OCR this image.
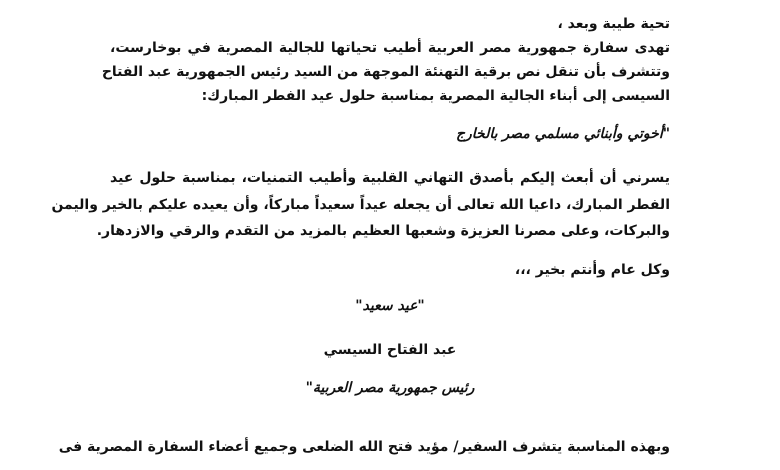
تحية طيبة وبعد ،
تهدى سفارة جمهورية مصر العربية أطيب تحياتها للجالية المصرية في بوخارست،
وتتشرف بأن تنقل نص برقية التهنئة الموجهة من السيد رئيس الجمهورية عبد الفتاح
السيسى إلى أبناء الجالية المصرية بمناسبة حلول عيد الفطر المبارك:
"أخوتي وأبنائي مسلمي مصر بالخارج
يسرني أن أبعث إليكم بأصدق التهاني القلبية وأطيب التمنيات، بمناسبة حلول عيد
الفطر المبارك، داعيا الله تعالى أن يجعله عيداً سعيداً مباركاً، وأن يعيده عليكم بالخير واليمن
والبركات، وعلى مصرنا العزيزة وشعبها العظيم بالمزيد من التقدم والرقي والازدهار.
وكل عام وأنتم بخير ،،،
"عيد سعيد"
عبد الفتاح السيسي
رئيس جمهورية مصر العربية"
وبهذه المناسبة يتشرف السفير/ مؤيد فتح الله الضلعى وجميع أعضاء السفارة المصرية فى
